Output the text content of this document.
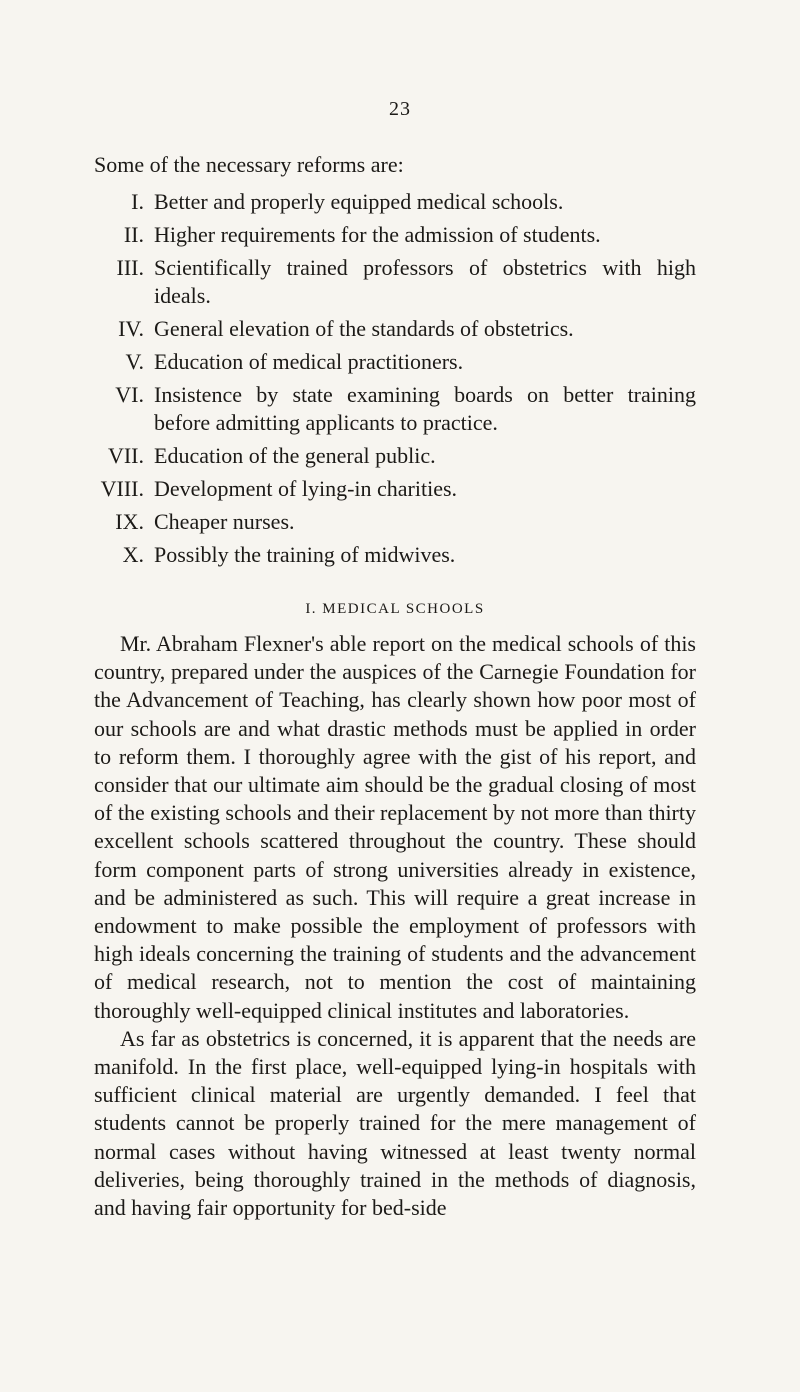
23

Some of the necessary reforms are:

I. Better and properly equipped medical schools.
II. Higher requirements for the admission of students.
III. Scientifically trained professors of obstetrics with high ideals.
IV. General elevation of the standards of obstetrics.
V. Education of medical practitioners.
VI. Insistence by state examining boards on better training before admitting applicants to practice.
VII. Education of the general public.
VIII. Development of lying-in charities.
IX. Cheaper nurses.
X. Possibly the training of midwives.
I. MEDICAL SCHOOLS

Mr. Abraham Flexner's able report on the medical schools of this country, prepared under the auspices of the Carnegie Foundation for the Advancement of Teaching, has clearly shown how poor most of our schools are and what drastic methods must be applied in order to reform them. I thoroughly agree with the gist of his report, and consider that our ultimate aim should be the gradual closing of most of the existing schools and their replacement by not more than thirty excellent schools scattered throughout the country. These should form component parts of strong universities already in existence, and be administered as such. This will require a great increase in endowment to make possible the employment of professors with high ideals concerning the training of students and the advancement of medical research, not to mention the cost of maintaining thoroughly well-equipped clinical institutes and laboratories.

As far as obstetrics is concerned, it is apparent that the needs are manifold. In the first place, well-equipped lying-in hospitals with sufficient clinical material are urgently demanded. I feel that students cannot be properly trained for the mere management of normal cases without having witnessed at least twenty normal deliveries, being thoroughly trained in the methods of diagnosis, and having fair opportunity for bed-side
